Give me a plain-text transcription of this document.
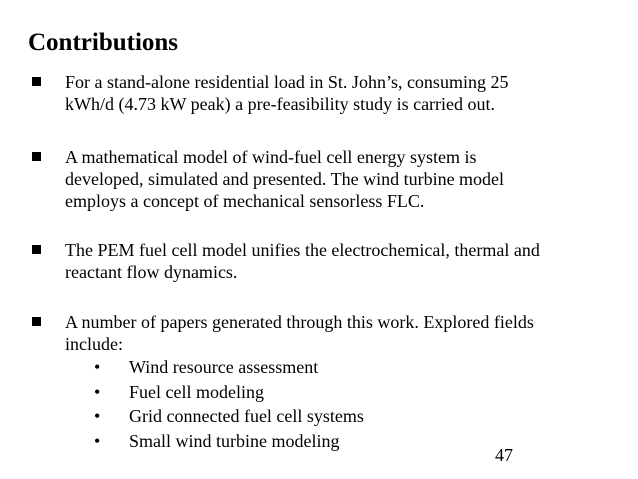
Contributions
For a stand-alone residential load in St. John’s, consuming 25
kWh/d (4.73 kW peak) a pre-feasibility study is carried out.
A mathematical model of wind-fuel cell energy system is
developed, simulated and presented. The wind turbine model
employs a concept of mechanical sensorless FLC.
The PEM fuel cell model unifies the electrochemical, thermal and
reactant flow dynamics.
A number of papers generated through this work. Explored fields
include:
• Wind resource assessment
• Fuel cell modeling
• Grid connected fuel cell systems
• Small wind turbine modeling
47
